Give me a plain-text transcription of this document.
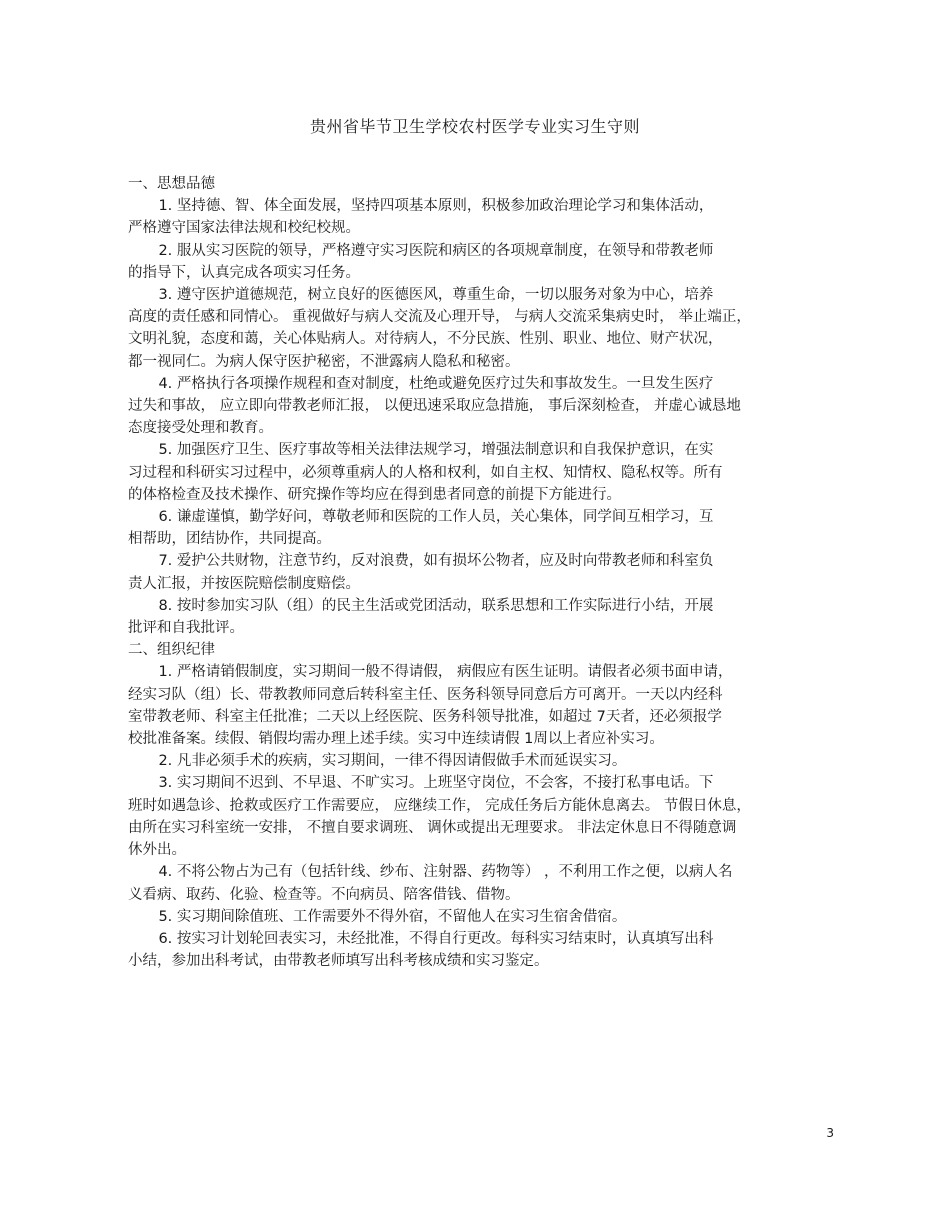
贵州省毕节卫生学校农村医学专业实习生守则
一、思想品德
1. 坚持德、智、体全面发展，坚持四项基本原则，积极参加政治理论学习和集体活动，
严格遵守国家法律法规和校纪校规。
2. 服从实习医院的领导，严格遵守实习医院和病区的各项规章制度，在领导和带教老师
的指导下，认真完成各项实习任务。
3. 遵守医护道德规范，树立良好的医德医风，尊重生命，一切以服务对象为中心，培养
高度的责任感和同情心。 重视做好与病人交流及心理开导， 与病人交流采集病史时， 举止端正，
文明礼貌，态度和蔼，关心体贴病人。对待病人，不分民族、性别、职业、地位、财产状况，
都一视同仁。为病人保守医护秘密，不泄露病人隐私和秘密。
4. 严格执行各项操作规程和查对制度，杜绝或避免医疗过失和事故发生。一旦发生医疗
过失和事故， 应立即向带教老师汇报， 以便迅速采取应急措施， 事后深刻检查， 并虚心诚恳地
态度接受处理和教育。
5. 加强医疗卫生、医疗事故等相关法律法规学习，增强法制意识和自我保护意识，在实
习过程和科研实习过程中，必须尊重病人的人格和权利，如自主权、知情权、隐私权等。所有
的体格检查及技术操作、研究操作等均应在得到患者同意的前提下方能进行。
6. 谦虚谨慎，勤学好问，尊敬老师和医院的工作人员，关心集体，同学间互相学习，互
相帮助，团结协作，共同提高。
7. 爱护公共财物，注意节约，反对浪费，如有损坏公物者，应及时向带教老师和科室负
责人汇报，并按医院赔偿制度赔偿。
8. 按时参加实习队（组）的民主生活或党团活动，联系思想和工作实际进行小结，开展
批评和自我批评。
二、组织纪律
1. 严格请销假制度，实习期间一般不得请假， 病假应有医生证明。请假者必须书面申请，
经实习队（组）长、带教教师同意后转科室主任、医务科领导同意后方可离开。一天以内经科
室带教老师、科室主任批准；二天以上经医院、医务科领导批准，如超过 7天者，还必须报学
校批准备案。续假、销假均需办理上述手续。实习中连续请假 1周以上者应补实习。
2. 凡非必须手术的疾病，实习期间，一律不得因请假做手术而延误实习。
3. 实习期间不迟到、不早退、不旷实习。上班坚守岗位，不会客，不接打私事电话。下
班时如遇急诊、抢救或医疗工作需要应， 应继续工作， 完成任务后方能休息离去。 节假日休息，
由所在实习科室统一安排， 不擅自要求调班、 调休或提出无理要求。 非法定休息日不得随意调
休外出。
4. 不将公物占为己有（包括针线、纱布、注射器、药物等） ，不利用工作之便，以病人名
义看病、取药、化验、检查等。不向病员、陪客借钱、借物。
5. 实习期间除值班、工作需要外不得外宿，不留他人在实习生宿舍借宿。
6. 按实习计划轮回表实习，未经批准，不得自行更改。每科实习结束时，认真填写出科
小结，参加出科考试，由带教老师填写出科考核成绩和实习鉴定。
3
